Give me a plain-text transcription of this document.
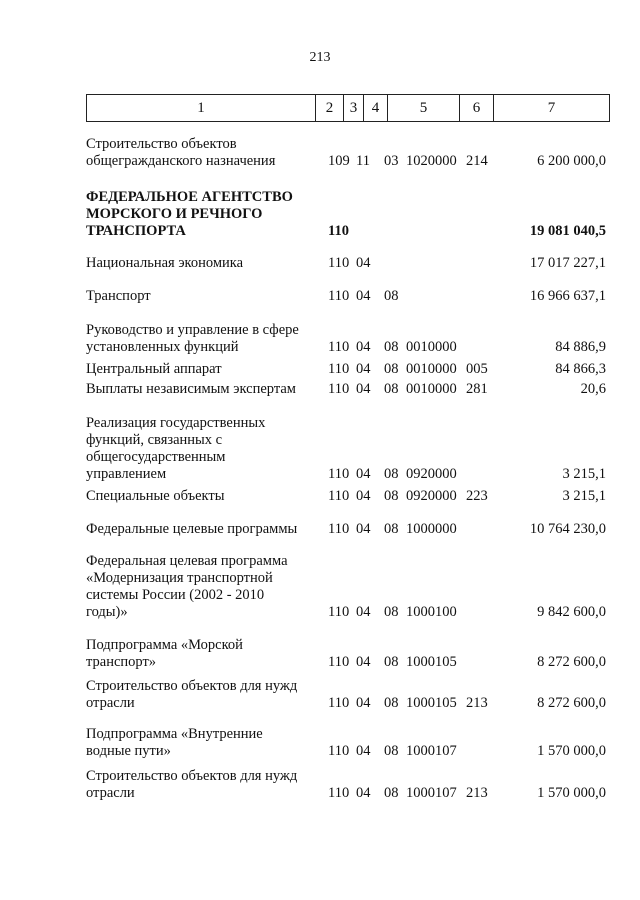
213
1	2	3	4	5	6	7
Строительство объектов
общегражданского назначения	109 11 03 1020000 214	6 200 000,0
ФЕДЕРАЛЬНОЕ АГЕНТСТВО
МОРСКОГО И РЕЧНОГО
ТРАНСПОРТА	110	19 081 040,5
Национальная экономика	110 04	17 017 227,1
Транспорт	110 04 08	16 966 637,1
Руководство и управление в сфере
установленных функций	110 04 08 0010000	84 886,9
Центральный аппарат	110 04 08 0010000 005	84 866,3
Выплаты независимым экспертам	110 04 08 0010000 281	20,6
Реализация государственных
функций, связанных с
общегосударственным
управлением	110 04 08 0920000	3 215,1
Специальные объекты	110 04 08 0920000 223	3 215,1
Федеральные целевые программы	110 04 08 1000000	10 764 230,0
Федеральная целевая программа
«Модернизация транспортной
системы России (2002 - 2010
годы)»	110 04 08 1000100	9 842 600,0
Подпрограмма «Морской
транспорт»	110 04 08 1000105	8 272 600,0
Строительство объектов для нужд
отрасли	110 04 08 1000105 213	8 272 600,0
Подпрограмма «Внутренние
водные пути»	110 04 08 1000107	1 570 000,0
Строительство объектов для нужд
отрасли	110 04 08 1000107 213	1 570 000,0
